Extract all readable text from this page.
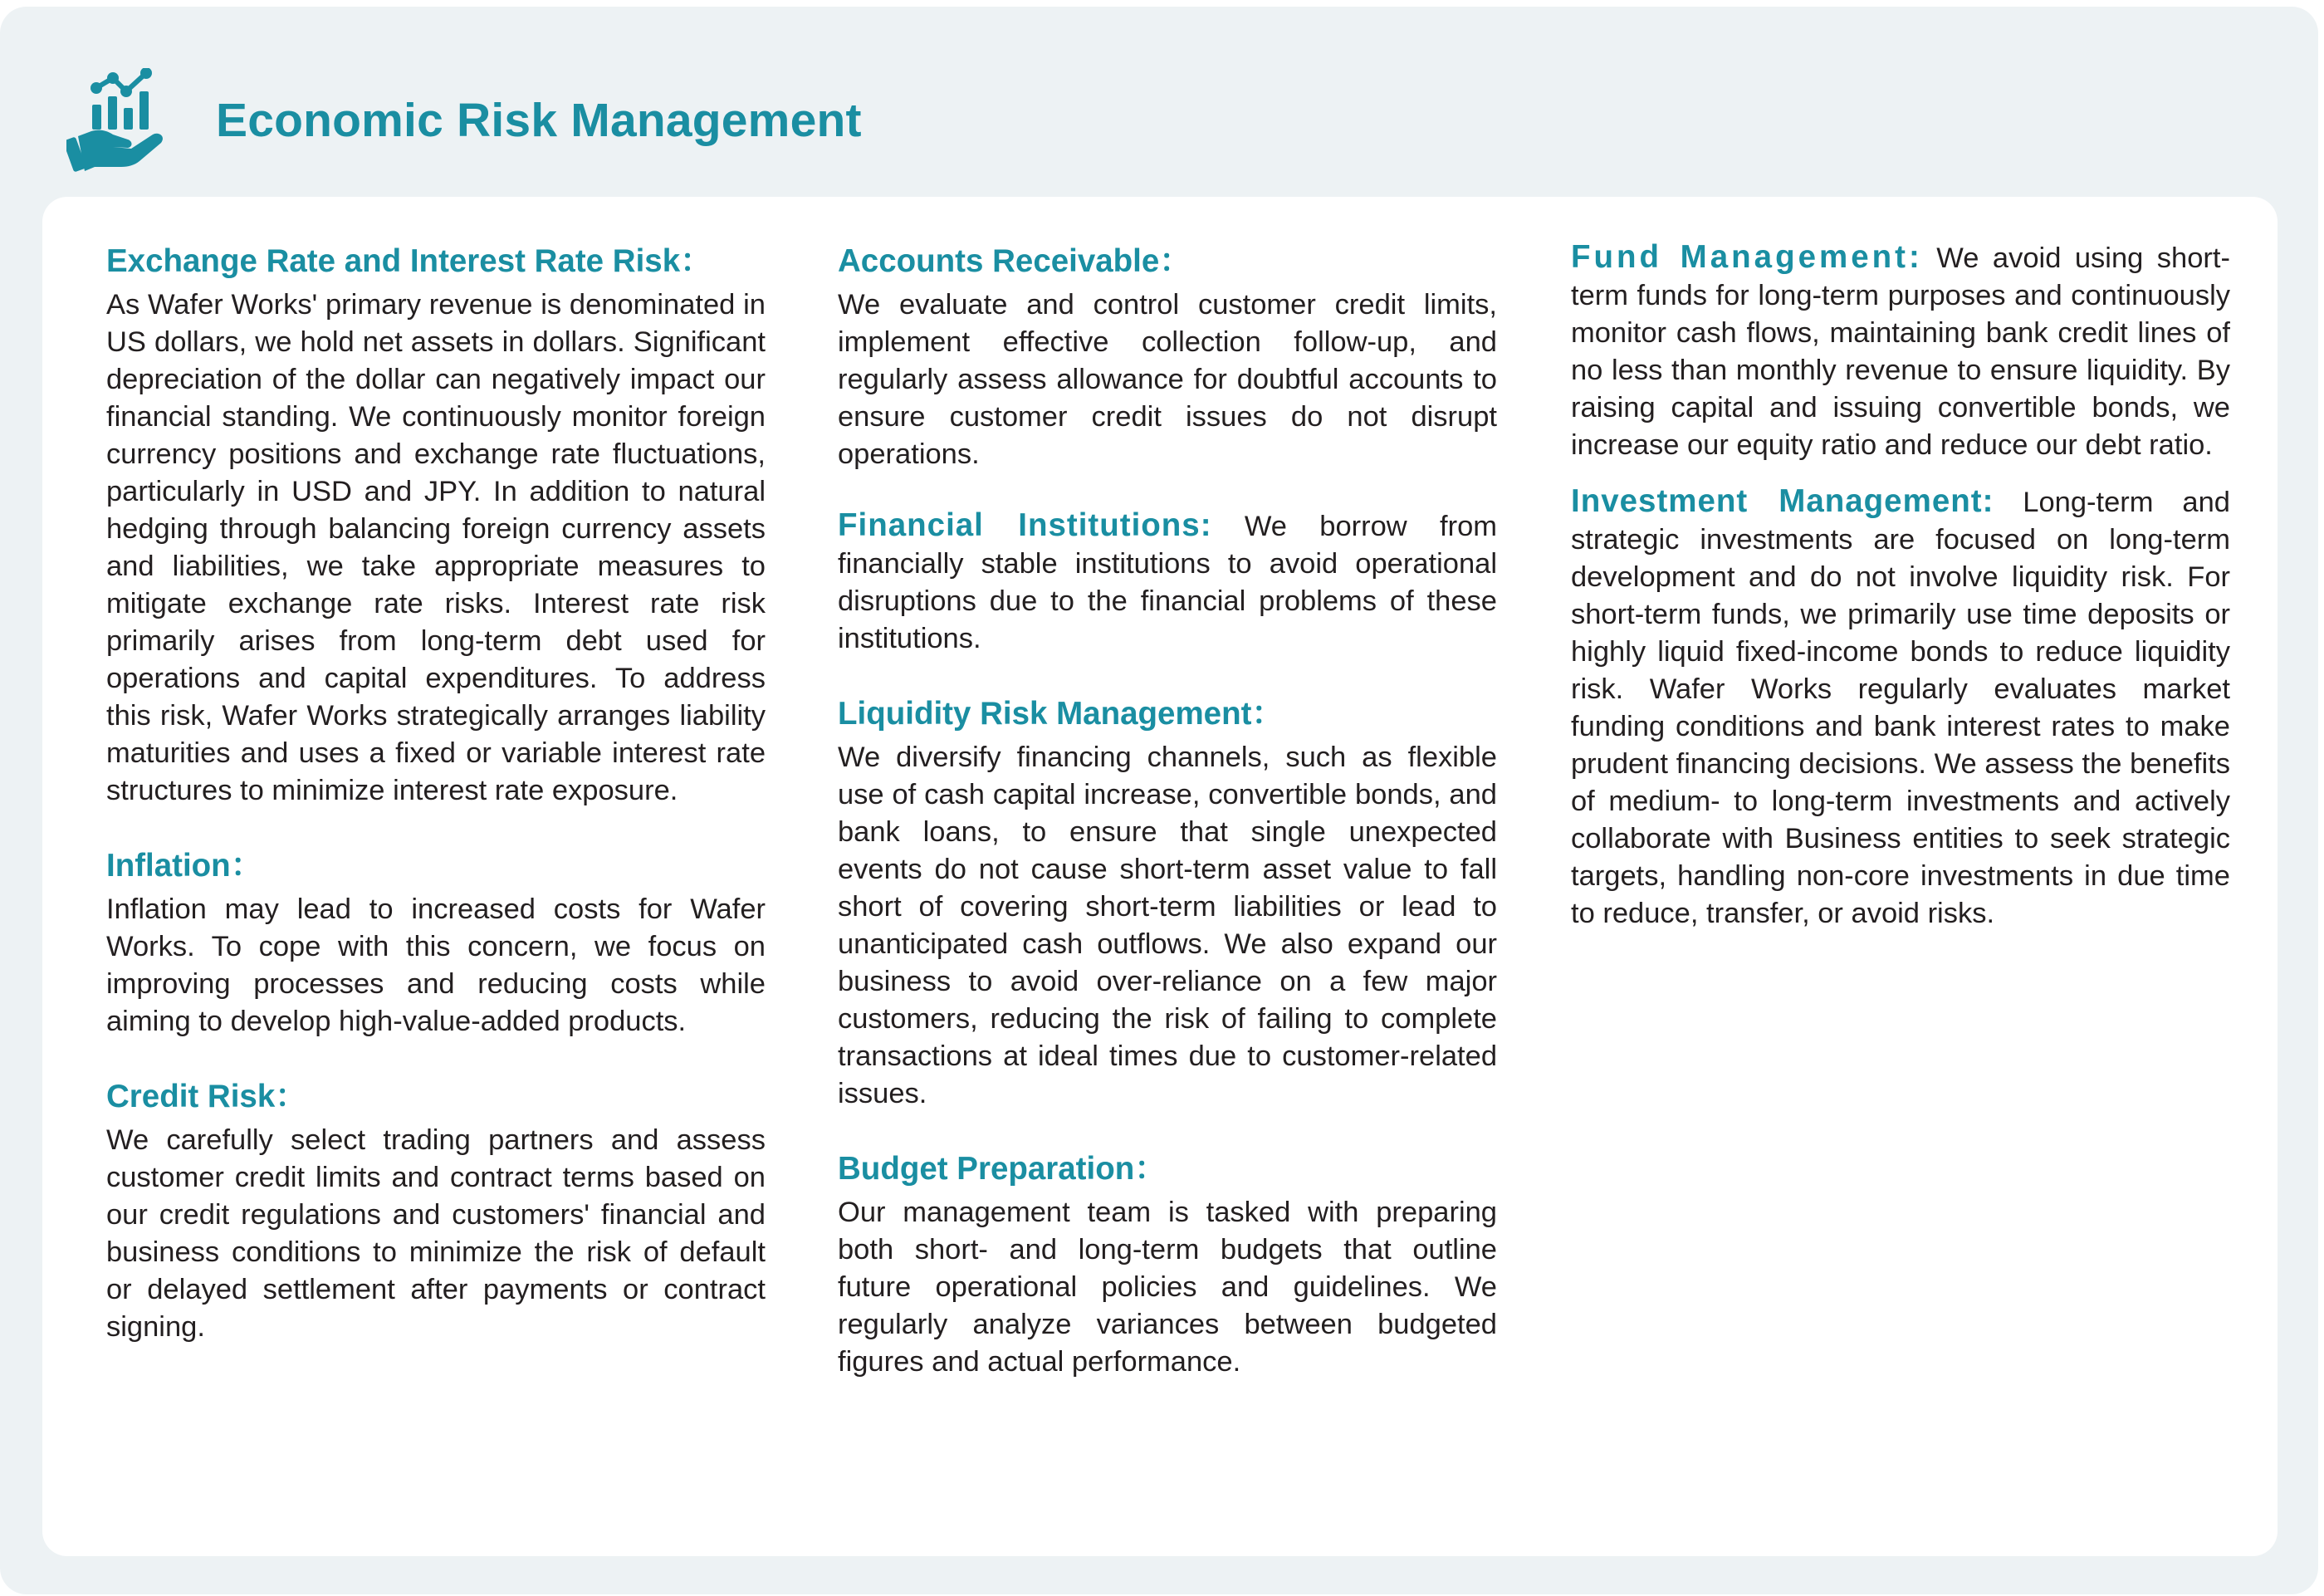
Economic Risk Management
Exchange Rate and Interest Rate Risk：

As Wafer Works' primary revenue is denominated in US dollars, we hold net assets in dollars. Significant depreciation of the dollar can negatively impact our financial standing. We continuously monitor foreign currency positions and exchange rate fluctuations, particularly in USD and JPY. In addition to natural hedging through balancing foreign currency assets and liabilities, we take appropriate measures to mitigate exchange rate risks. Interest rate risk primarily arises from long-term debt used for operations and capital expenditures. To address this risk, Wafer Works strategically arranges liability maturities and uses a fixed or variable interest rate structures to minimize interest rate exposure.

Inflation：

Inflation may lead to increased costs for Wafer Works. To cope with this concern, we focus on improving processes and reducing costs while aiming to develop high-value-added products.

Credit Risk：

We carefully select trading partners and assess customer credit limits and contract terms based on our credit regulations and customers' financial and business conditions to minimize the risk of default or delayed settlement after payments or contract signing.

Accounts Receivable：

We evaluate and control customer credit limits, implement effective collection follow-up, and regularly assess allowance for doubtful accounts to ensure customer credit issues do not disrupt operations.

Financial Institutions: We borrow from financially stable institutions to avoid operational disruptions due to the financial problems of these institutions.

Liquidity Risk Management：

We diversify financing channels, such as flexible use of cash capital increase, convertible bonds, and bank loans, to ensure that single unexpected events do not cause short-term asset value to fall short of covering short-term liabilities or lead to unanticipated cash outflows. We also expand our business to avoid over-reliance on a few major customers, reducing the risk of failing to complete transactions at ideal times due to customer-related issues.

Budget Preparation：

Our management team is tasked with preparing both short- and long-term budgets that outline future operational policies and guidelines. We regularly analyze variances between budgeted figures and actual performance.

Fund Management: We avoid using short-term funds for long-term purposes and continuously monitor cash flows, maintaining bank credit lines of no less than monthly revenue to ensure liquidity. By raising capital and issuing convertible bonds, we increase our equity ratio and reduce our debt ratio.

Investment Management: Long-term and strategic investments are focused on long-term development and do not involve liquidity risk. For short-term funds, we primarily use time deposits or highly liquid fixed-income bonds to reduce liquidity risk. Wafer Works regularly evaluates market funding conditions and bank interest rates to make prudent financing decisions. We assess the benefits of medium- to long-term investments and actively collaborate with Business entities to seek strategic targets, handling non-core investments in due time to reduce, transfer, or avoid risks.
